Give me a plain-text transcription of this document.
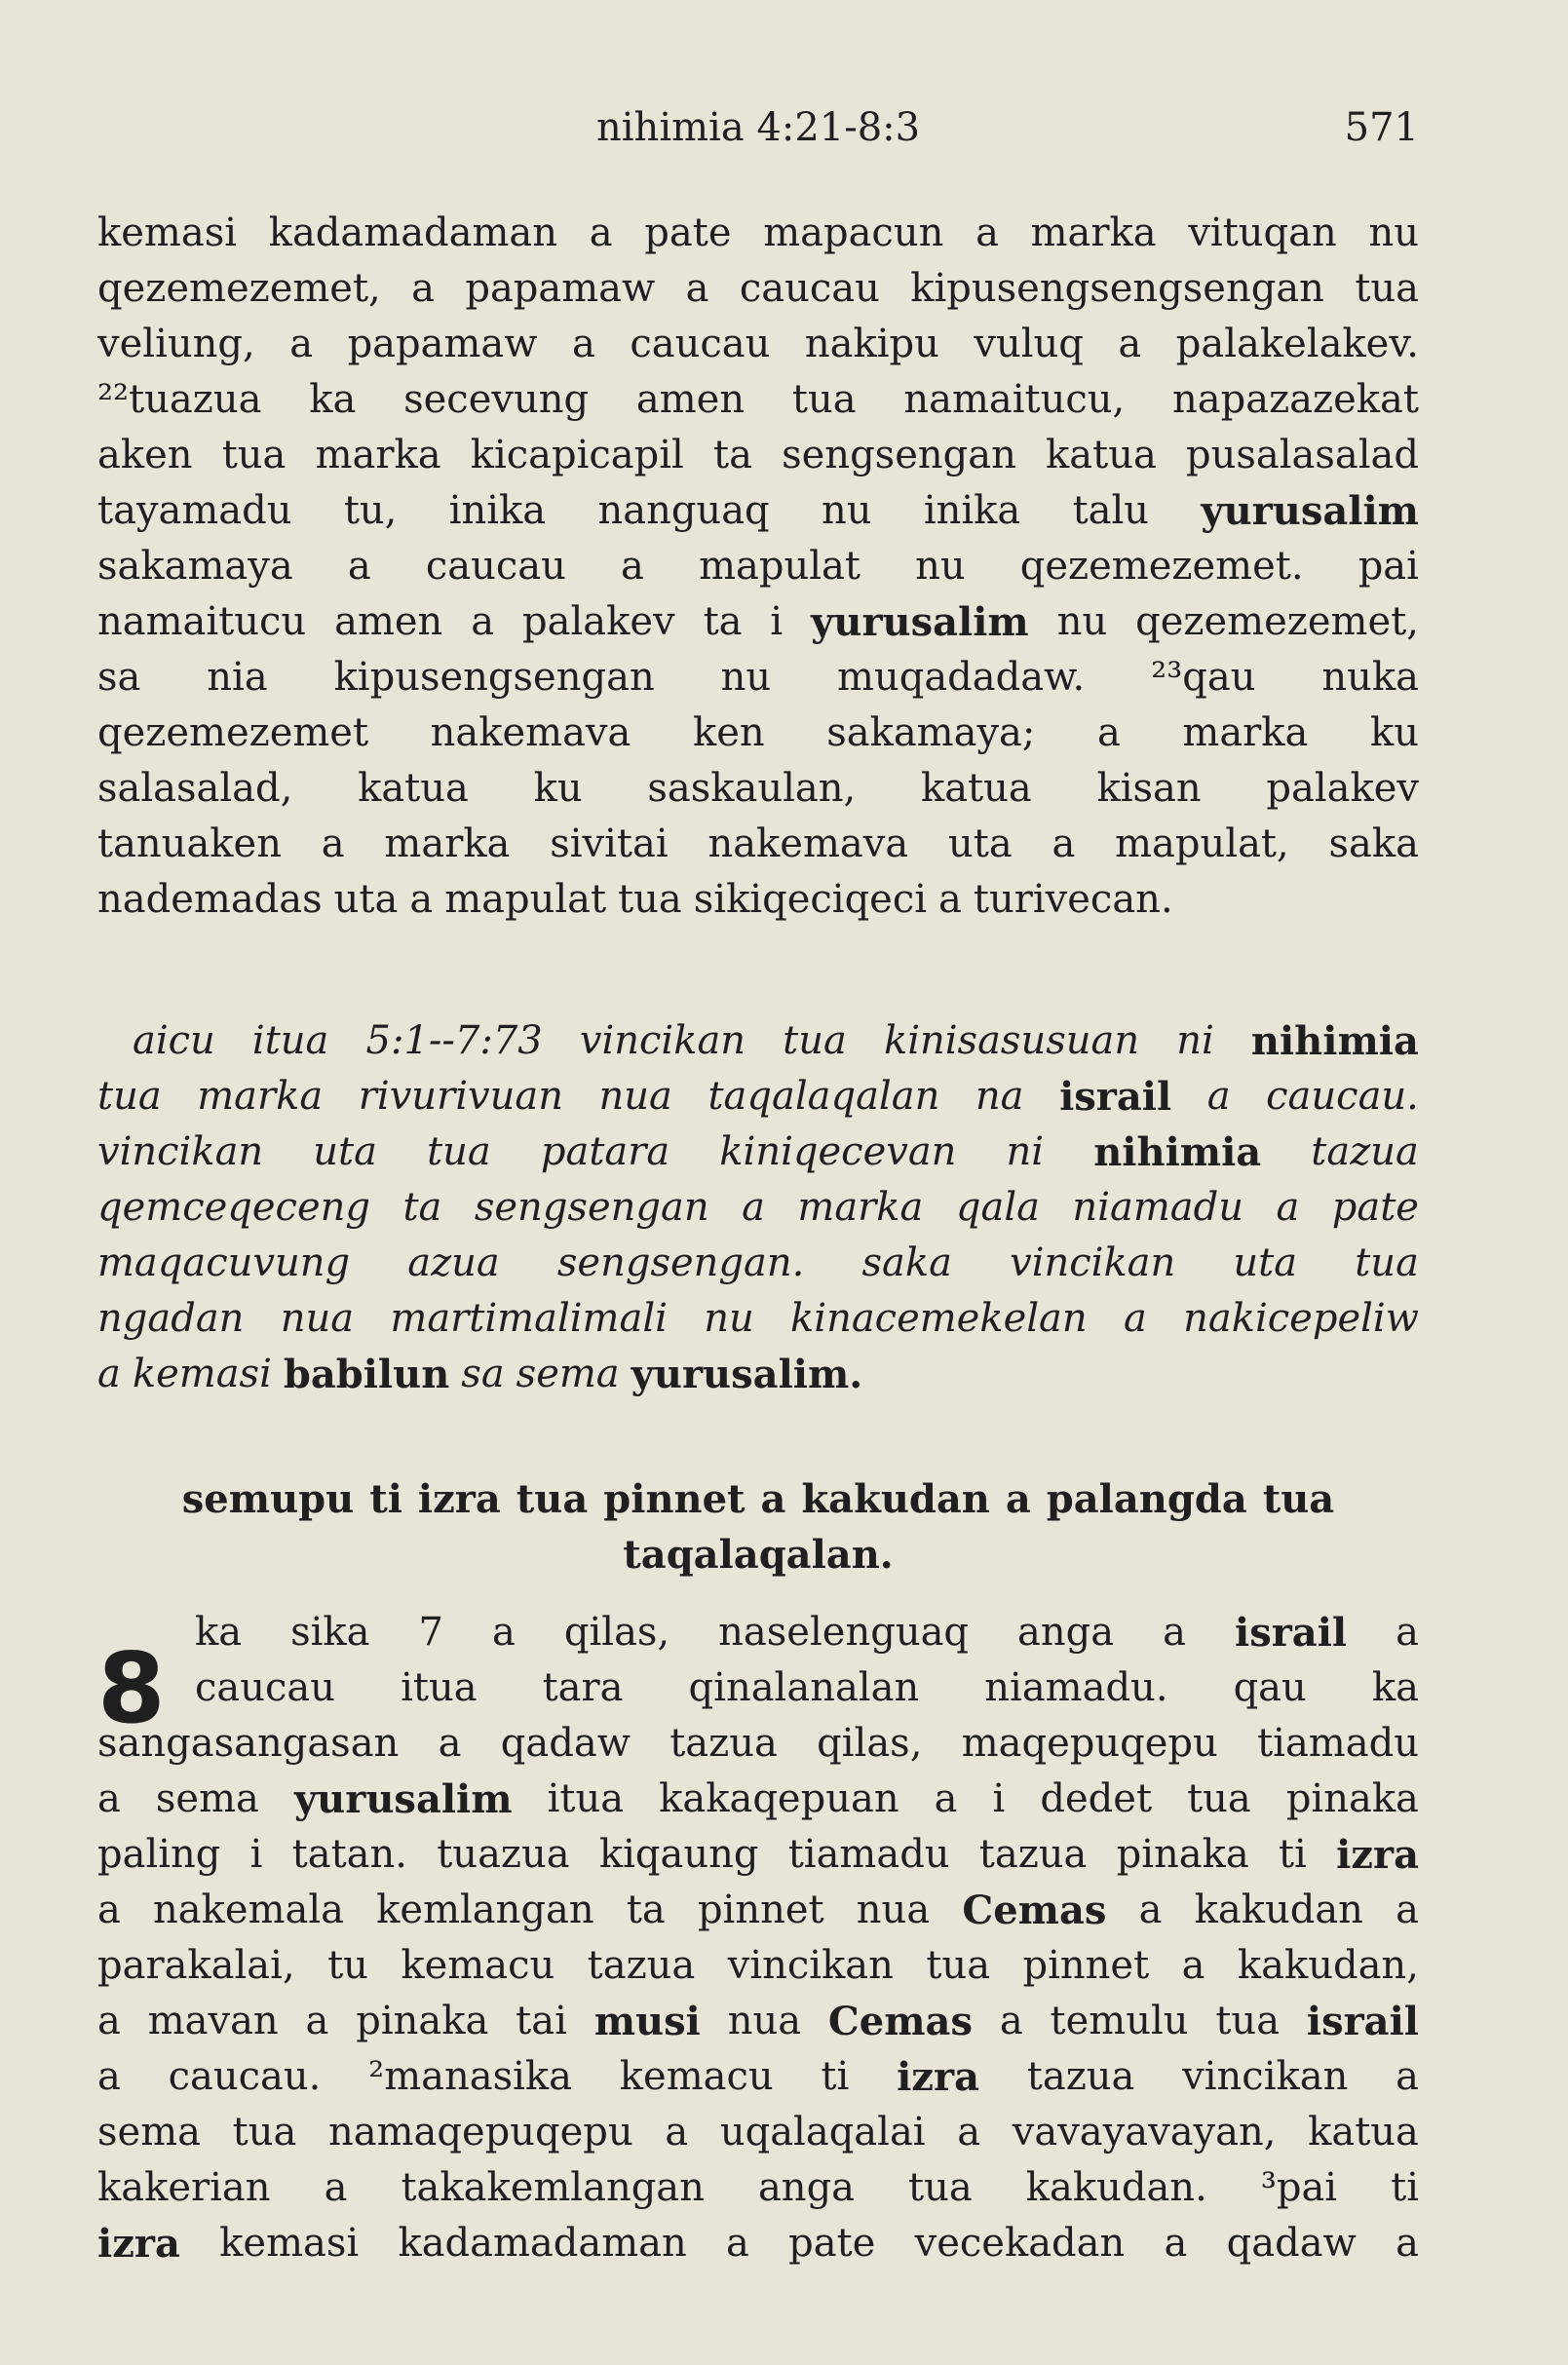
nihimia 4:21-8:3	571
kemasi kadamadaman a pate mapacun a marka vituqan nu
qezemezemet, a papamaw a caucau kipusengsengsengan tua
veliung, a papamaw a caucau nakipu vuluq a palakelakev.
²²tuazua ka secevung amen tua namaitucu, napazazekat
aken tua marka kicapicapil ta sengsengan katua pusalasalad
tayamadu tu, inika nanguaq nu inika talu yurusalim
sakamaya a caucau a mapulat nu qezemezemet. pai
namaitucu amen a palakev ta i yurusalim nu qezemezemet,
sa nia kipusengsengan nu muqadadaw. ²³qau nuka
qezemezemet nakemava ken sakamaya; a marka ku
salasalad, katua ku saskaulan, katua kisan palakev
tanuaken a marka sivitai nakemava uta a mapulat, saka
nademadas uta a mapulat tua sikiqeciqeci a turivecan.
aicu itua 5:1--7:73 vincikan tua kinisasusuan ni nihimia
tua marka rivurivuan nua taqalaqalan na israil a caucau.
vincikan uta tua patara kiniqecevan ni nihimia tazua
qemceqeceng ta sengsengan a marka qala niamadu a pate
maqacuvung azua sengsengan. saka vincikan uta tua
ngadan nua martimalimali nu kinacemekelan a nakicepeliw
a kemasi babilun sa sema yurusalim.
semupu ti izra tua pinnet a kakudan a palangda tua
taqalaqalan.
8 ka sika 7 a qilas, naselenguaq anga a israil a
caucau itua tara qinalanalan niamadu. qau ka
sangasangasan a qadaw tazua qilas, maqepuqepu tiamadu
a sema yurusalim itua kakaqepuan a i dedet tua pinaka
paling i tatan. tuazua kiqaung tiamadu tazua pinaka ti izra
a nakemala kemlangan ta pinnet nua Cemas a kakudan a
parakalai, tu kemacu tazua vincikan tua pinnet a kakudan,
a mavan a pinaka tai musi nua Cemas a temulu tua israil
a caucau. ²manasika kemacu ti izra tazua vincikan a
sema tua namaqepuqepu a uqalaqalai a vavayavayan, katua
kakerian a takakemlangan anga tua kakudan. ³pai ti
izra kemasi kadamadaman a pate vecekadan a qadaw a
